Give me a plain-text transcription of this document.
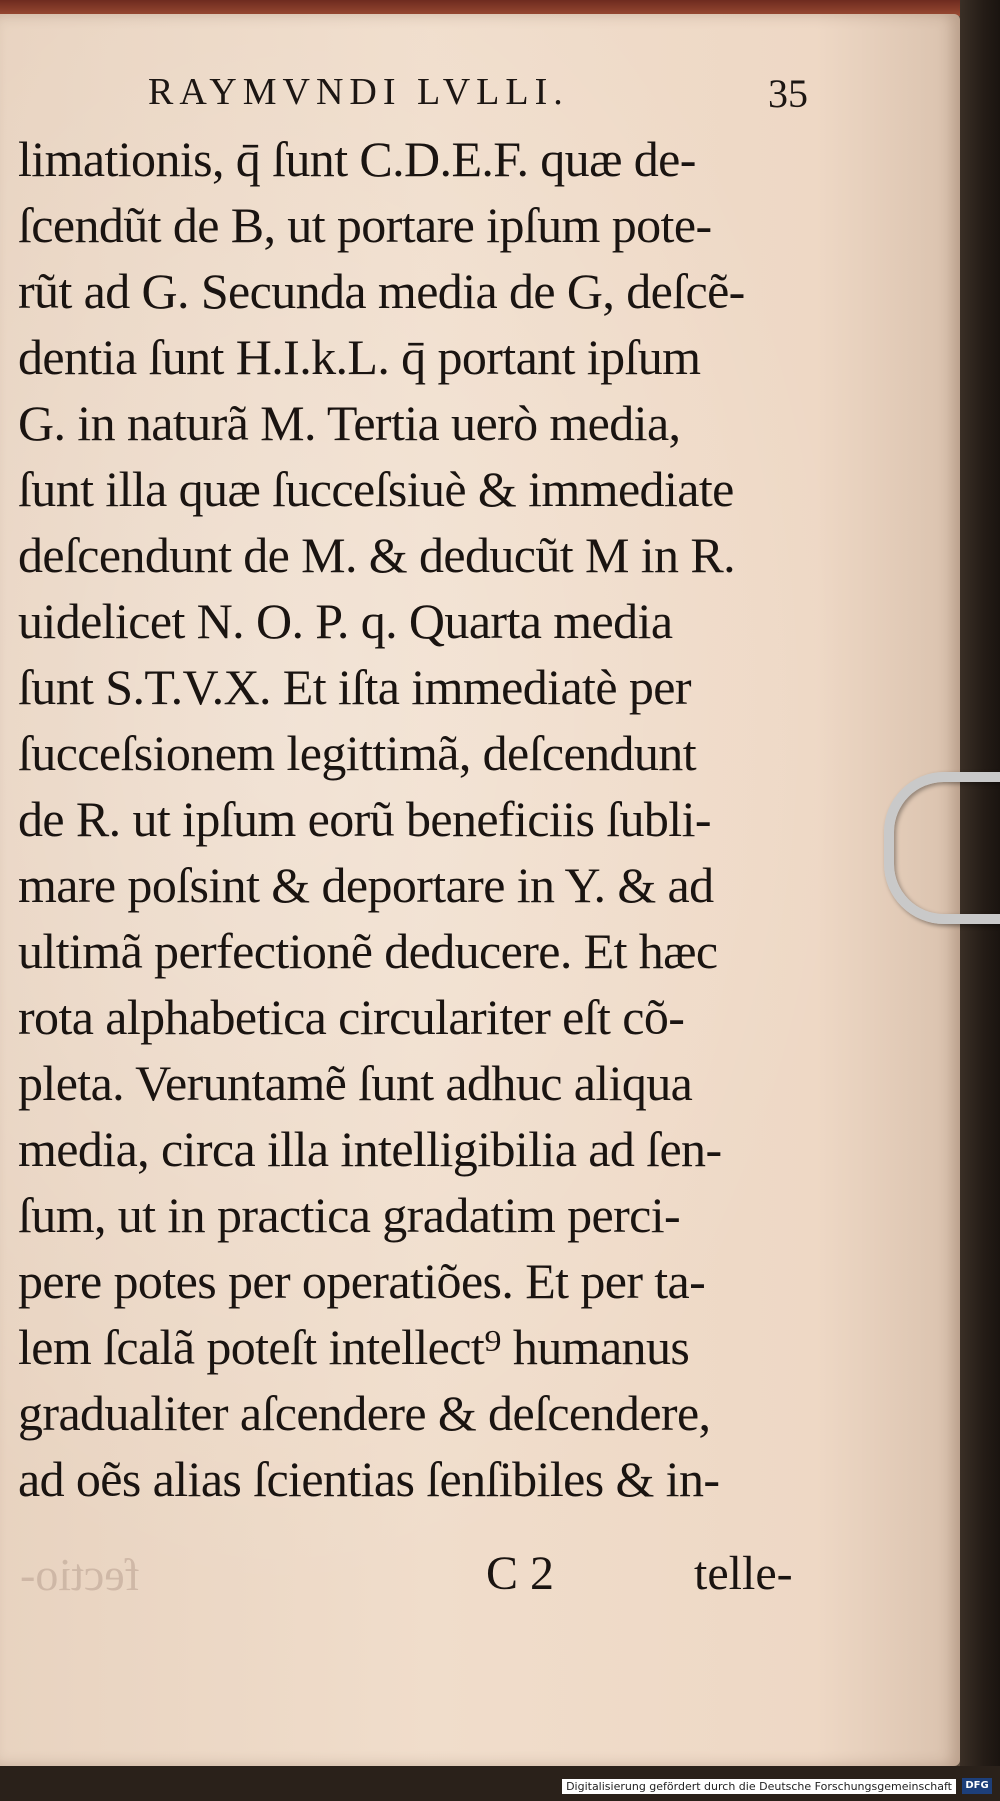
RAYMVNDI LVLLI.	35
limationis, q̄ ſunt C.D.E.F. quæ de-
ſcendũt de B, ut portare ipſum pote-
rũt ad G. Secunda media de G, deſcẽ-
dentia ſunt H.I.k.L. q̄ portant ipſum
G. in naturã M. Tertia uerò media,
ſunt illa quæ ſucceſsiuè & immediate
deſcendunt de M. & deducũt M in R.
uidelicet N. O. P. q. Quarta media
ſunt S.T.V.X. Et iſta immediatè per
ſucceſsionem legittimã, deſcendunt
de R. ut ipſum eorũ beneficiis ſubli-
mare poſsint & deportare in Y. & ad
ultimã perfectionẽ deducere. Et hæc
rota alphabetica circulariter eſt cõ-
pleta. Veruntamẽ ſunt adhuc aliqua
media, circa illa intelligibilia ad ſen-
ſum, ut in practica gradatim perci-
pere potes per operatiões. Et per ta-
lem ſcalã poteſt intellect⁹ humanus
gradualiter aſcendere & deſcendere,
ad oẽs alias ſcientias ſenſibiles & in-
fectio-	C 2	telle-
Digitalisierung gefördert durch die Deutsche Forschungsgemeinschaft	DFG
